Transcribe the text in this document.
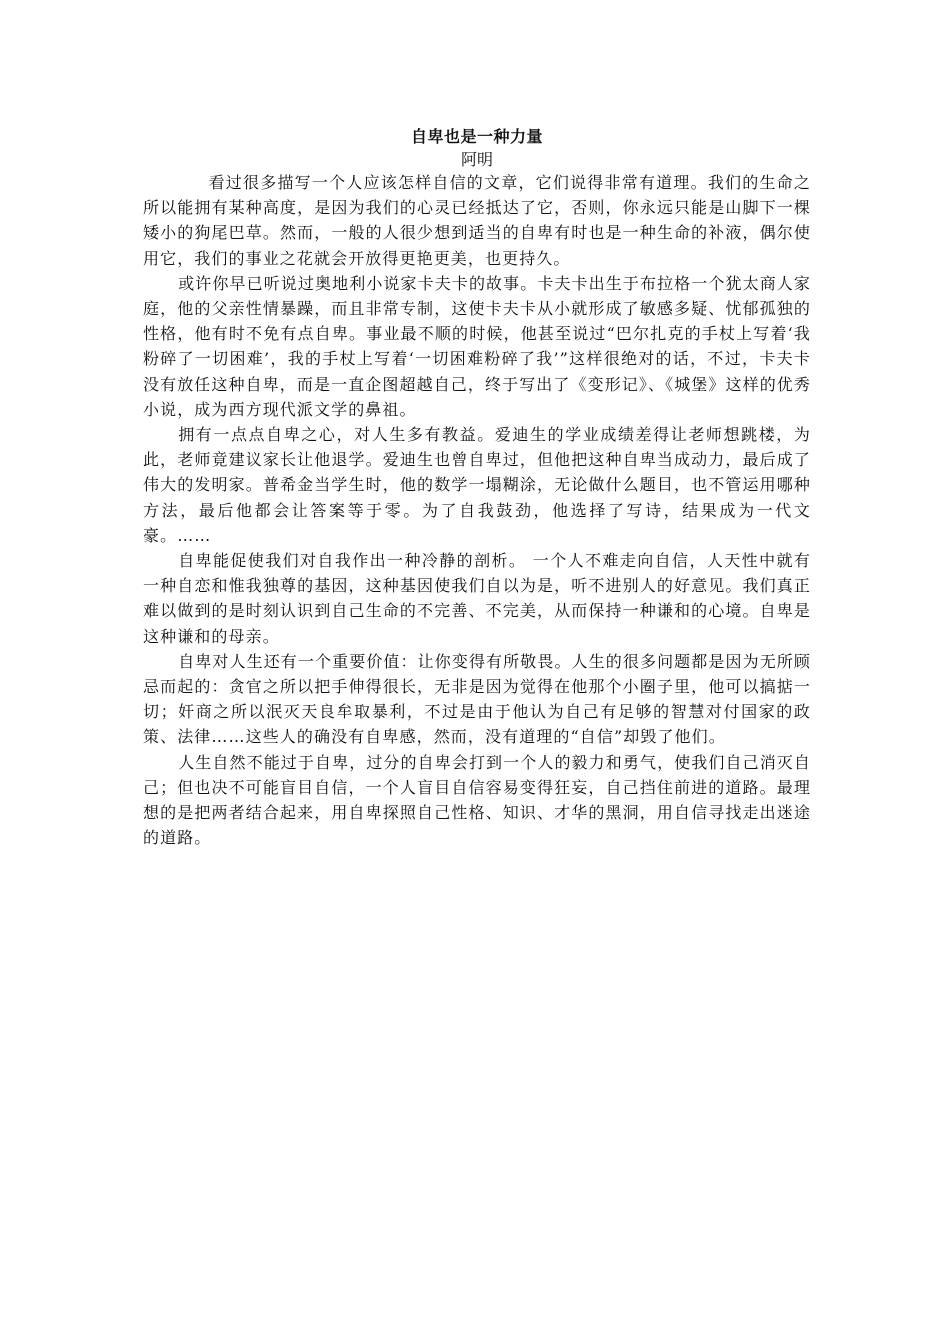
自卑也是一种力量
阿明

看过很多描写一个人应该怎样自信的文章，它们说得非常有道理。我们的生命之所以能拥有某种高度，是因为我们的心灵已经抵达了它，否则，你永远只能是山脚下一棵矮小的狗尾巴草。然而，一般的人很少想到适当的自卑有时也是一种生命的补液，偶尔使用它，我们的事业之花就会开放得更艳更美，也更持久。

或许你早已听说过奥地利小说家卡夫卡的故事。卡夫卡出生于布拉格一个犹太商人家庭，他的父亲性情暴躁，而且非常专制，这使卡夫卡从小就形成了敏感多疑、忧郁孤独的性格，他有时不免有点自卑。事业最不顺的时候，他甚至说过“巴尔扎克的手杖上写着‘我粉碎了一切困难’，我的手杖上写着‘一切困难粉碎了我’”这样很绝对的话，不过，卡夫卡没有放任这种自卑，而是一直企图超越自己，终于写出了《变形记》、《城堡》这样的优秀小说，成为西方现代派文学的鼻祖。

拥有一点点自卑之心，对人生多有教益。爱迪生的学业成绩差得让老师想跳楼，为此，老师竟建议家长让他退学。爱迪生也曾自卑过，但他把这种自卑当成动力，最后成了伟大的发明家。普希金当学生时，他的数学一塌糊涂，无论做什么题目，也不管运用哪种方法，最后他都会让答案等于零。为了自我鼓劲，他选择了写诗，结果成为一代文豪。……

自卑能促使我们对自我作出一种冷静的剖析。 一个人不难走向自信，人天性中就有一种自恋和惟我独尊的基因，这种基因使我们自以为是，听不进别人的好意见。我们真正难以做到的是时刻认识到自己生命的不完善、不完美，从而保持一种谦和的心境。自卑是这种谦和的母亲。

自卑对人生还有一个重要价值：让你变得有所敬畏。人生的很多问题都是因为无所顾忌而起的：贪官之所以把手伸得很长，无非是因为觉得在他那个小圈子里，他可以搞掂一切；奸商之所以泯灭天良牟取暴利，不过是由于他认为自己有足够的智慧对付国家的政策、法律……这些人的确没有自卑感，然而，没有道理的“自信”却毁了他们。

人生自然不能过于自卑，过分的自卑会打到一个人的毅力和勇气，使我们自己消灭自己；但也决不可能盲目自信，一个人盲目自信容易变得狂妄，自己挡住前进的道路。最理想的是把两者结合起来，用自卑探照自己性格、知识、才华的黑洞，用自信寻找走出迷途的道路。
